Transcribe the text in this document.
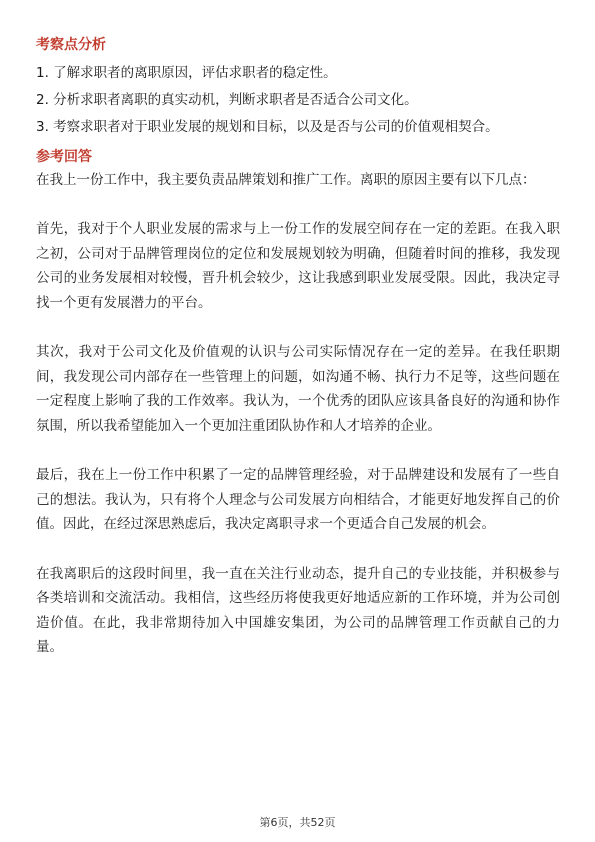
考察点分析

1. 了解求职者的离职原因，评估求职者的稳定性。

2. 分析求职者离职的真实动机，判断求职者是否适合公司文化。

3. 考察求职者对于职业发展的规划和目标，以及是否与公司的价值观相契合。

参考回答

在我上一份工作中，我主要负责品牌策划和推广工作。离职的原因主要有以下几点：

首先，我对于个人职业发展的需求与上一份工作的发展空间存在一定的差距。在我入职之初，公司对于品牌管理岗位的定位和发展规划较为明确，但随着时间的推移，我发现公司的业务发展相对较慢，晋升机会较少，这让我感到职业发展受限。因此，我决定寻找一个更有发展潜力的平台。

其次，我对于公司文化及价值观的认识与公司实际情况存在一定的差异。在我任职期间，我发现公司内部存在一些管理上的问题，如沟通不畅、执行力不足等，这些问题在一定程度上影响了我的工作效率。我认为，一个优秀的团队应该具备良好的沟通和协作氛围，所以我希望能加入一个更加注重团队协作和人才培养的企业。

最后，我在上一份工作中积累了一定的品牌管理经验，对于品牌建设和发展有了一些自己的想法。我认为，只有将个人理念与公司发展方向相结合，才能更好地发挥自己的价值。因此，在经过深思熟虑后，我决定离职寻求一个更适合自己发展的机会。

在我离职后的这段时间里，我一直在关注行业动态，提升自己的专业技能，并积极参与各类培训和交流活动。我相信，这些经历将使我更好地适应新的工作环境，并为公司创造价值。在此，我非常期待加入中国雄安集团，为公司的品牌管理工作贡献自己的力量。

第6页，共52页
